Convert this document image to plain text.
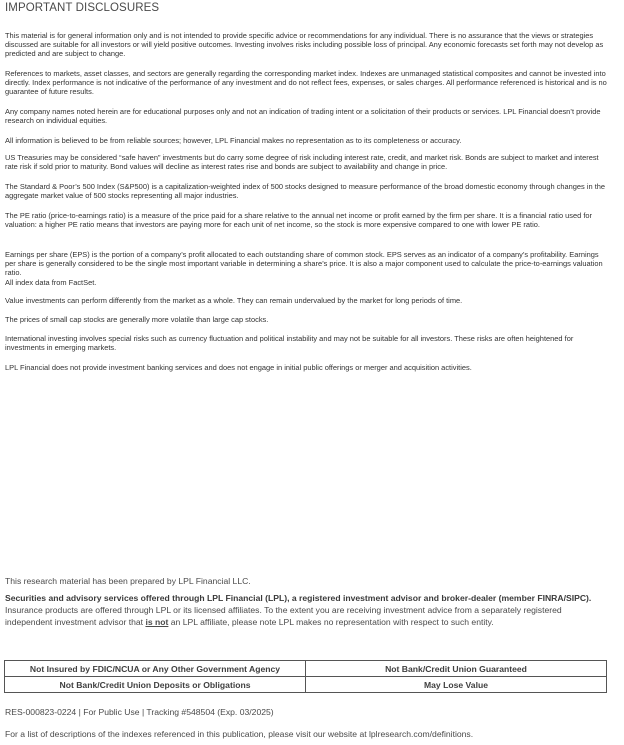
IMPORTANT DISCLOSURES

This material is for general information only and is not intended to provide specific advice or recommendations for any individual. There is no assurance that the views or strategies discussed are suitable for all investors or will yield positive outcomes. Investing involves risks including possible loss of principal. Any economic forecasts set forth may not develop as predicted and are subject to change.

References to markets, asset classes, and sectors are generally regarding the corresponding market index. Indexes are unmanaged statistical composites and cannot be invested into directly. Index performance is not indicative of the performance of any investment and do not reflect fees, expenses, or sales charges. All performance referenced is historical and is no guarantee of future results.

Any company names noted herein are for educational purposes only and not an indication of trading intent or a solicitation of their products or services. LPL Financial doesn’t provide research on individual equities.

All information is believed to be from reliable sources; however, LPL Financial makes no representation as to its completeness or accuracy.

US Treasuries may be considered “safe haven” investments but do carry some degree of risk including interest rate, credit, and market risk. Bonds are subject to market and interest rate risk if sold prior to maturity. Bond values will decline as interest rates rise and bonds are subject to availability and change in price.

The Standard & Poor’s 500 Index (S&P500) is a capitalization-weighted index of 500 stocks designed to measure performance of the broad domestic economy through changes in the aggregate market value of 500 stocks representing all major industries.

The PE ratio (price-to-earnings ratio) is a measure of the price paid for a share relative to the annual net income or profit earned by the firm per share. It is a financial ratio used for valuation: a higher PE ratio means that investors are paying more for each unit of net income, so the stock is more expensive compared to one with lower PE ratio.

Earnings per share (EPS) is the portion of a company’s profit allocated to each outstanding share of common stock. EPS serves as an indicator of a company’s profitability. Earnings per share is generally considered to be the single most important variable in determining a share’s price. It is also a major component used to calculate the price-to-earnings valuation ratio.

All index data from FactSet.

Value investments can perform differently from the market as a whole. They can remain undervalued by the market for long periods of time.

The prices of small cap stocks are generally more volatile than large cap stocks.

International investing involves special risks such as currency fluctuation and political instability and may not be suitable for all investors. These risks are often heightened for investments in emerging markets.

LPL Financial does not provide investment banking services and does not engage in initial public offerings or merger and acquisition activities.

This research material has been prepared by LPL Financial LLC.
Securities and advisory services offered through LPL Financial (LPL), a registered investment advisor and broker-dealer (member FINRA/SIPC). Insurance products are offered through LPL or its licensed affiliates. To the extent you are receiving investment advice from a separately registered independent investment advisor that is not an LPL affiliate, please note LPL makes no representation with respect to such entity.
Not Insured by FDIC/NCUA or Any Other Government Agency	Not Bank/Credit Union Guaranteed
Not Bank/Credit Union Deposits or Obligations	May Lose Value
RES-000823-0224 | For Public Use | Tracking #548504 (Exp. 03/2025)
For a list of descriptions of the indexes referenced in this publication, please visit our website at lplresearch.com/definitions.
